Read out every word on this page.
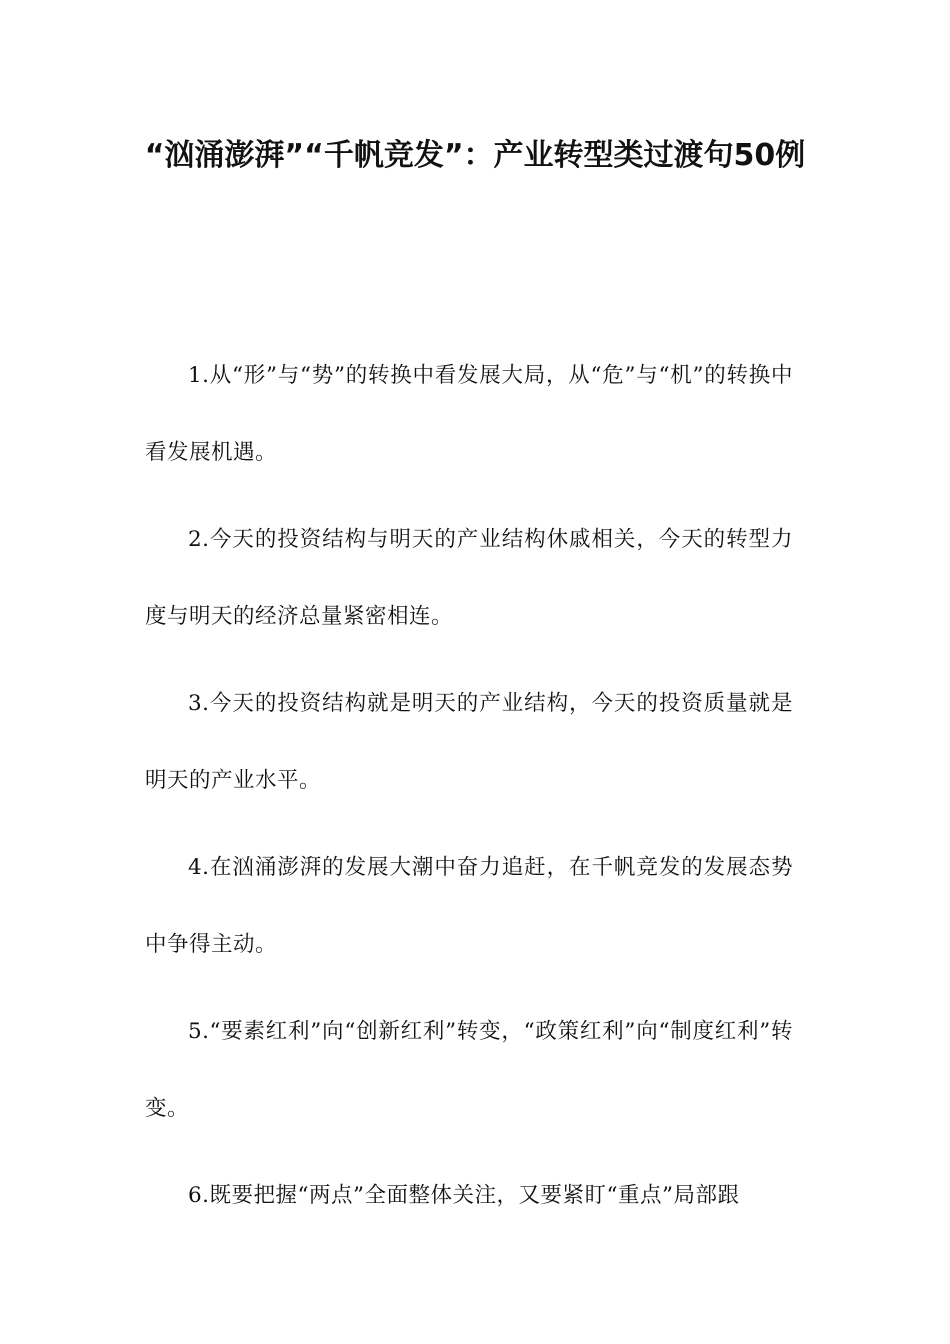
“汹涌澎湃”“千帆竞发”：产业转型类过渡句50例

1.从“形”与“势”的转换中看发展大局，从“危”与“机”的转换中看发展机遇。

2.今天的投资结构与明天的产业结构休戚相关，今天的转型力度与明天的经济总量紧密相连。

3.今天的投资结构就是明天的产业结构，今天的投资质量就是明天的产业水平。

4.在汹涌澎湃的发展大潮中奋力追赶，在千帆竞发的发展态势中争得主动。

5.“要素红利”向“创新红利”转变，“政策红利”向“制度红利”转变。

6.既要把握“两点”全面整体关注，又要紧盯“重点”局部跟
